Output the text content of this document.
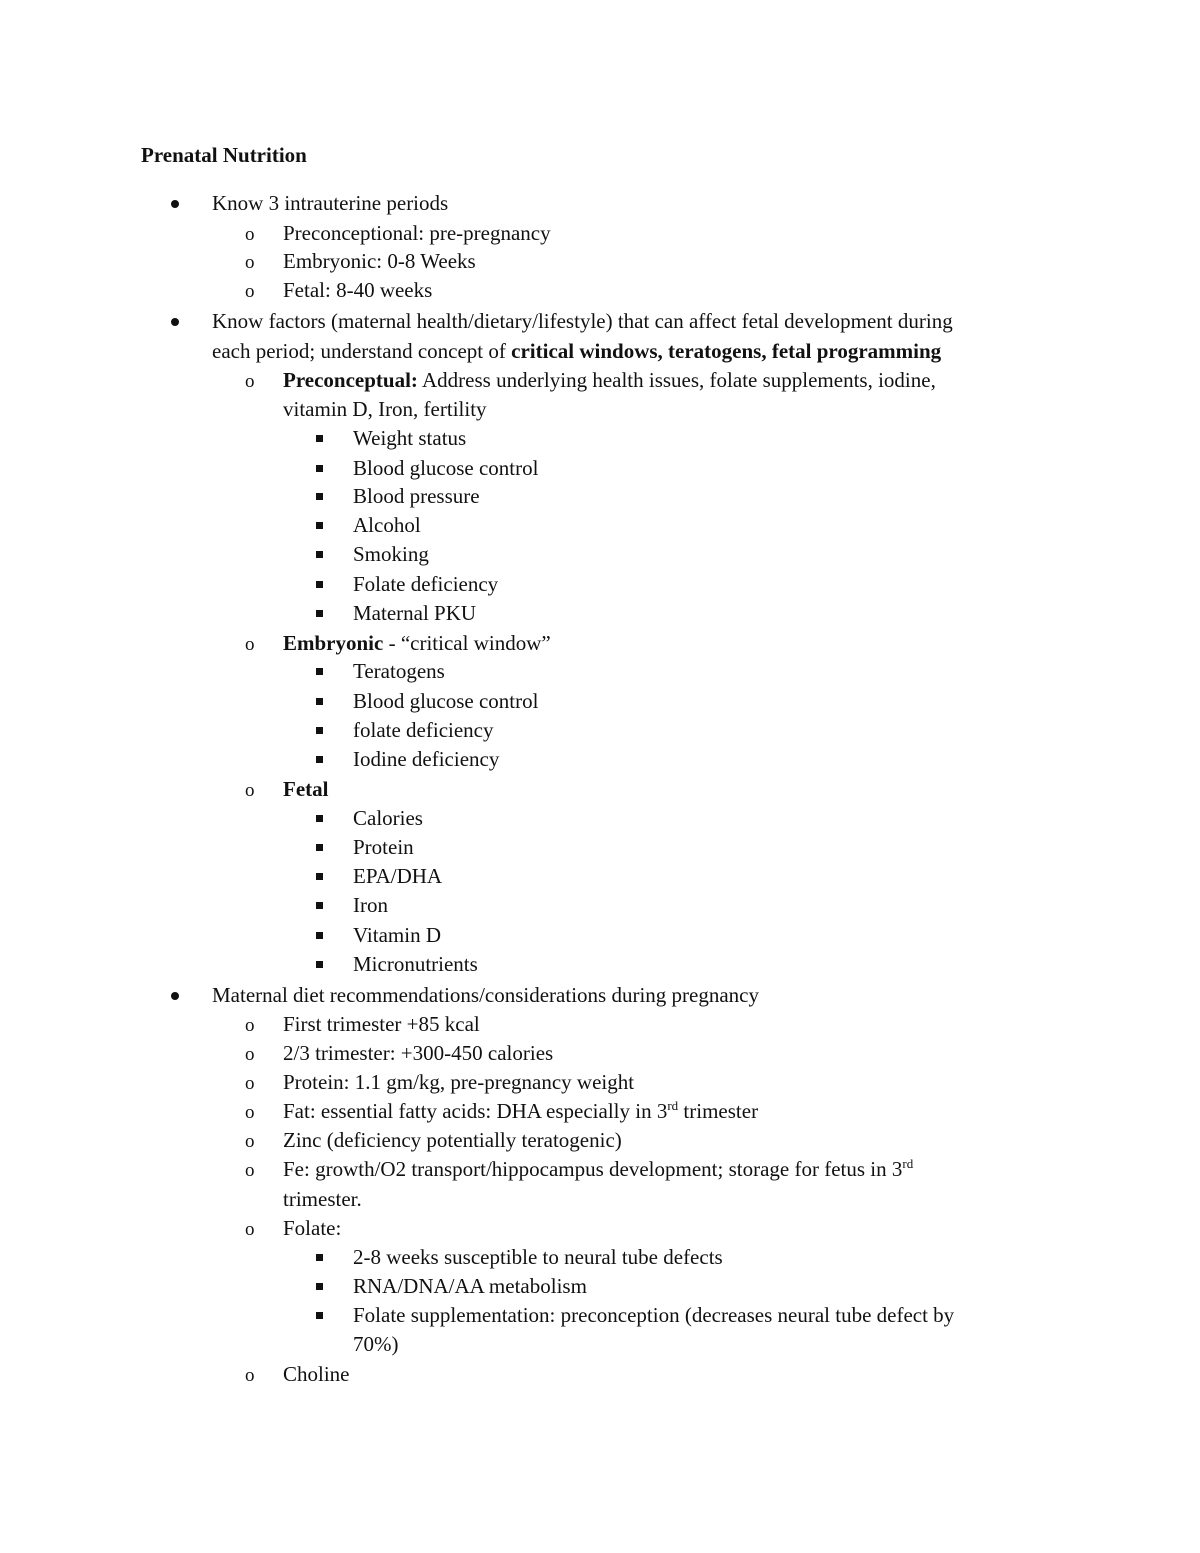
Prenatal Nutrition
Know 3 intrauterine periods
o Preconceptional: pre-pregnancy
o Embryonic: 0-8 Weeks
o Fetal: 8-40 weeks
Know factors (maternal health/dietary/lifestyle) that can affect fetal development during
each period; understand concept of critical windows, teratogens, fetal programming
o Preconceptual: Address underlying health issues, folate supplements, iodine,
vitamin D, Iron, fertility
Weight status
Blood glucose control
Blood pressure
Alcohol
Smoking
Folate deficiency
Maternal PKU
o Embryonic - “critical window”
Teratogens
Blood glucose control
folate deficiency
Iodine deficiency
o Fetal
Calories
Protein
EPA/DHA
Iron
Vitamin D
Micronutrients
Maternal diet recommendations/considerations during pregnancy
o First trimester +85 kcal
o 2/3 trimester: +300-450 calories
o Protein: 1.1 gm/kg, pre-pregnancy weight
o Fat: essential fatty acids: DHA especially in 3rd trimester
o Zinc (deficiency potentially teratogenic)
o Fe: growth/O2 transport/hippocampus development; storage for fetus in 3rd
trimester.
o Folate:
2-8 weeks susceptible to neural tube defects
RNA/DNA/AA metabolism
Folate supplementation: preconception (decreases neural tube defect by
70%)
o Choline
